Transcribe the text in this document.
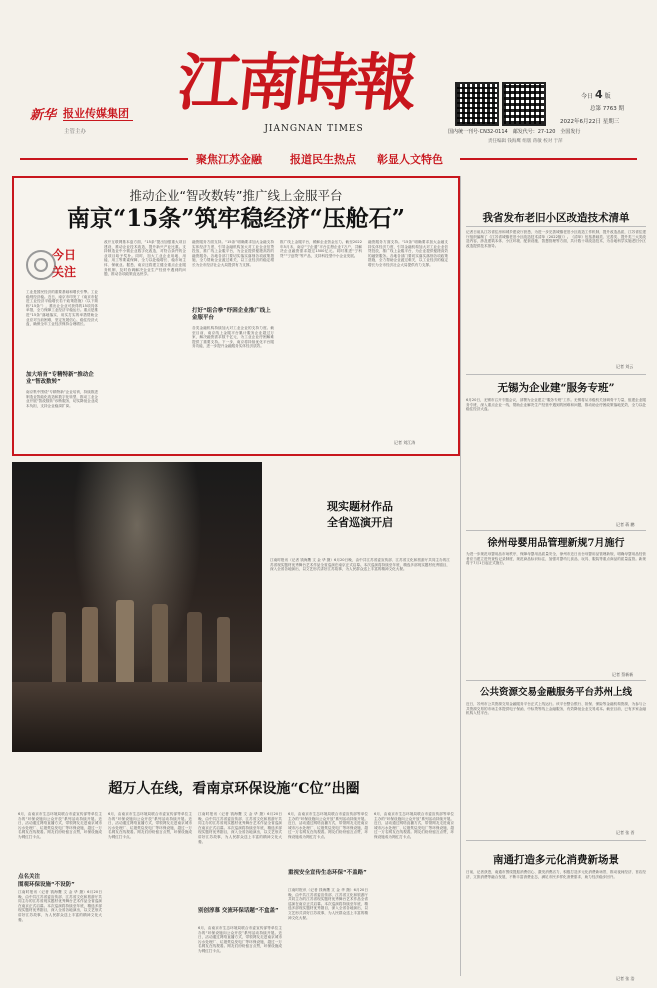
新华 报业传媒集团
主管主办
江南時報
JIANGNAN TIMES
今日 4 版
总第 7763 期
2022年6月22日 星期三
国内统一刊号·CN32-0114　邮发代号：27-120　全国发行
责任编辑 钱海鹰 组版 蒋敏 校对 于萍
聚焦江苏金融	报道民生热点 彰显人文特色
推动企业“智改数转”推广线上金服平台
南京“15条”筑牢稳经济“压舱石”
今日
关注
工业是国民经济的重要基础和增长引擎。工业稳则经济稳。近日，南京市印发了《南京市促进工业经济平稳增长若干政策措施》（以下简称“15条”），推出让企业可获得的15项具体举措，全力保障工业经济平稳运行。重点是推进“15条”落地落实，用实打实的举措帮助企业应对当前困难，坚定发展信心，稳住经济大盘，确保全年工业经济保持合理增长。
加大培育“专精特新”推动企业“智改数转”
南京集中围绕“专精特新”企业培育，持续推进制造业智能化改造和数字化转型，推动工业企业开展“智改数转”诊断服务，切实降低企业成本负担，支持企业稳岗扩岗。
改开互联网基本盘方面，“15条”提出加强重大项目建设，推动企业技术改造，提升新兴产业比重。支持制造业中小微企业数字化改造，对符合条件的企业项目给予奖补。同时，加大工业企业用地、用能、用工等要素保障，全力以赴稳增长、稳市场主体、保就业。据悉，南京还将建立健全重点企业服务机制，及时协调解决企业生产经营中遇到的问题，推动各项政策直达快享。
打好“组合拳”纾困企业推广线上金服平台
融资服务方面支持。“15条”明确要求加大金融支持实体经济力度，引导金融机构加大对工业企业信贷投放，推广线上金服平台，为企业提供便捷高效的融资服务。各地各部门要切实落实落细各项政策措施，全力帮助企业渡过难关，以工业经济的稳定增长为全市经济社会大局提供有力支撑。
各类金融机构持续加大对工业企业的支持力度。截至目前，南京线上金服平台累计服务企业超过万家，解决融资需求数千亿元，为工业企业纾困解难提供了重要支持。下一步，南京将持续优化平台服务功能，进一步提升金融服务实体经济质效。
推广线上金服平台，缓解企业资金压力。截至2022年5月末，南京“宁企通”平台注册企业7万户，共解决企业融资需求超过1500亿元。同时推进“宁科贷”“宁创贷”等产品，支持科技型中小企业发展。
融资服务方面支持。“15条”明确要求加大金融支持实体经济力度，引导金融机构加大对工业企业信贷投放，推广线上金服平台，为企业提供便捷高效的融资服务。各地各部门要切实落实落细各项政策措施，全力帮助企业渡过难关，以工业经济的稳定增长为全市经济社会大局提供有力支撑。
记者 刘江涛
我省发布老旧小区改造技术清单
记者日前从江苏省住房和城乡建设厅获悉，为进一步完善城镇老旧小区改造工作机制，提升改造品质，江苏省住建厅组织编制了《江苏省城镇老旧小区改造技术清单（2022版）》。《清单》包括基础类、完善类、提升类三大类改造内容，涉及建筑本体、小区环境、配套设施、智慧管理等方面，共计数十项改造技术，为各地科学实施老旧小区改造提供技术指导。
记者 刘云
无锡为企业建“服务专班”
6月20日，无锡市召开专题会议，部署为企业建立“服务专班”工作。无锡将从市级机关抽调骨干力量，组建企业服务专班，深入重点企业一线，帮助企业解决生产经营中遇到的困难和问题，推动助企纾困政策落地见效，全力以赴稳住经济大盘。
记者 蒋 鹏
徐州母婴用品管理新规7月施行
为进一步规范母婴用品市场秩序，保障母婴用品质量安全，徐州市近日出台母婴用品管理新规，明确母婴用品经营者应当建立进货查验记录制度，规范商品标识标注，加强对婴幼儿食品、玩具、服装等重点商品的质量监管。新规将于7月1日起正式施行。
记者 蔡新新
公共资源交易金融服务平台苏州上线
近日，苏州市公共资源交易金融服务平台正式上线运行。该平台整合银行、担保、保险等金融机构资源，为参与公共资源交易的市场主体提供电子保函、中标贷等线上金融服务，有效降低企业交易成本。截至目前，已有多家金融机构入驻平台。
记者 张 晋
南通打造多元化消费新场景
日前，记者获悉，南通市围绕提振消费信心、激发消费活力，积极打造多元化消费新场景，推动夜间经济、首店经济、文旅消费等融合发展，不断丰富消费业态，满足市民多样化消费需求，助力经济稳步回升。
记者 张 浩
现实题材作品
全省巡演开启
江南时报讯（记者 钱海鹰 文 金 华 摄）6月20日晚，由中共江苏省委宣传部、江苏省文化和旅游厅共同主办的江苏省现实题材优秀舞台艺术作品全省巡演在南京正式启幕。本次巡演将持续至年底，精选多部现实题材优秀剧目，深入全省各地演出，以文艺形式讲好江苏故事，为人民群众送上丰富的精神文化大餐。
超万人在线，看南京环保设施“C位”出圈
6月，由南京市生态环境局联合市委宣传部等单位主办的“环保设施向公众开放”系列活动持续开展。近日，活动通过网络直播方式，带领网友走进南京城市污水处理厂、垃圾焚烧发电厂等环保设施，超过一万名网友在线观看。网友们纷纷留言点赞，环保设施成为网红打卡点。
点名关注
围观环保设施“不设防”
江南时报讯（记者 钱海鹰 文 金 华 摄）6月20日晚，由中共江苏省委宣传部、江苏省文化和旅游厅共同主办的江苏省现实题材优秀舞台艺术作品全省巡演在南京正式启幕。本次巡演将持续至年底，精选多部现实题材优秀剧目，深入全省各地演出，以文艺形式讲好江苏故事，为人民群众送上丰富的精神文化大餐。
6月，由南京市生态环境局联合市委宣传部等单位主办的“环保设施向公众开放”系列活动持续开展。近日，活动通过网络直播方式，带领网友走进南京城市污水处理厂、垃圾焚烧发电厂等环保设施，超过一万名网友在线观看。网友们纷纷留言点赞，环保设施成为网红打卡点。
江南时报讯（记者 钱海鹰 文 金 华 摄）6月20日晚，由中共江苏省委宣传部、江苏省文化和旅游厅共同主办的江苏省现实题材优秀舞台艺术作品全省巡演在南京正式启幕。本次巡演将持续至年底，精选多部现实题材优秀剧目，深入全省各地演出，以文艺形式讲好江苏故事，为人民群众送上丰富的精神文化大餐。
别创淳慕 交流环保话题“不盒盖”
6月，由南京市生态环境局联合市委宣传部等单位主办的“环保设施向公众开放”系列活动持续开展。近日，活动通过网络直播方式，带领网友走进南京城市污水处理厂、垃圾焚烧发电厂等环保设施，超过一万名网友在线观看。网友们纷纷留言点赞，环保设施成为网红打卡点。
6月，由南京市生态环境局联合市委宣传部等单位主办的“环保设施向公众开放”系列活动持续开展。近日，活动通过网络直播方式，带领网友走进南京城市污水处理厂、垃圾焚烧发电厂等环保设施，超过一万名网友在线观看。网友们纷纷留言点赞，环保设施成为网红打卡点。
重视安全宣传生态环保“不盖路”
江南时报讯（记者 钱海鹰 文 金 华 摄）6月20日晚，由中共江苏省委宣传部、江苏省文化和旅游厅共同主办的江苏省现实题材优秀舞台艺术作品全省巡演在南京正式启幕。本次巡演将持续至年底，精选多部现实题材优秀剧目，深入全省各地演出，以文艺形式讲好江苏故事，为人民群众送上丰富的精神文化大餐。
6月，由南京市生态环境局联合市委宣传部等单位主办的“环保设施向公众开放”系列活动持续开展。近日，活动通过网络直播方式，带领网友走进南京城市污水处理厂、垃圾焚烧发电厂等环保设施，超过一万名网友在线观看。网友们纷纷留言点赞，环保设施成为网红打卡点。
